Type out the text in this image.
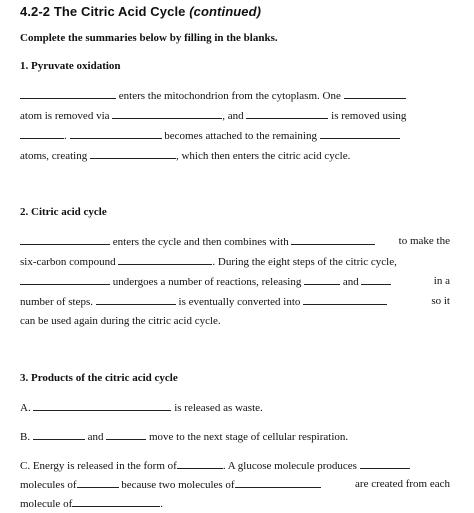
4.2-2 The Citric Acid Cycle (continued)
Complete the summaries below by filling in the blanks.
1. Pyruvate oxidation
enters the mitochondrion from the cytoplasm. One
atom is removed via	, and	is removed using
.	becomes attached to the remaining
atoms, creating	, which then enters the citric acid cycle.
2. Citric acid cycle
enters the cycle and then combines with	to make the
six-carbon compound	. During the eight steps of the citric cycle,
undergoes a number of reactions, releasing	and	in a
number of steps.	is eventually converted into	so it
can be used again during the citric acid cycle.
3. Products of the citric acid cycle
A.	is released as waste.
B.	and	move to the next stage of cellular respiration.
C. Energy is released in the form of	. A glucose molecule produces
molecules of	because two molecules of	are created from each
molecule of	.
